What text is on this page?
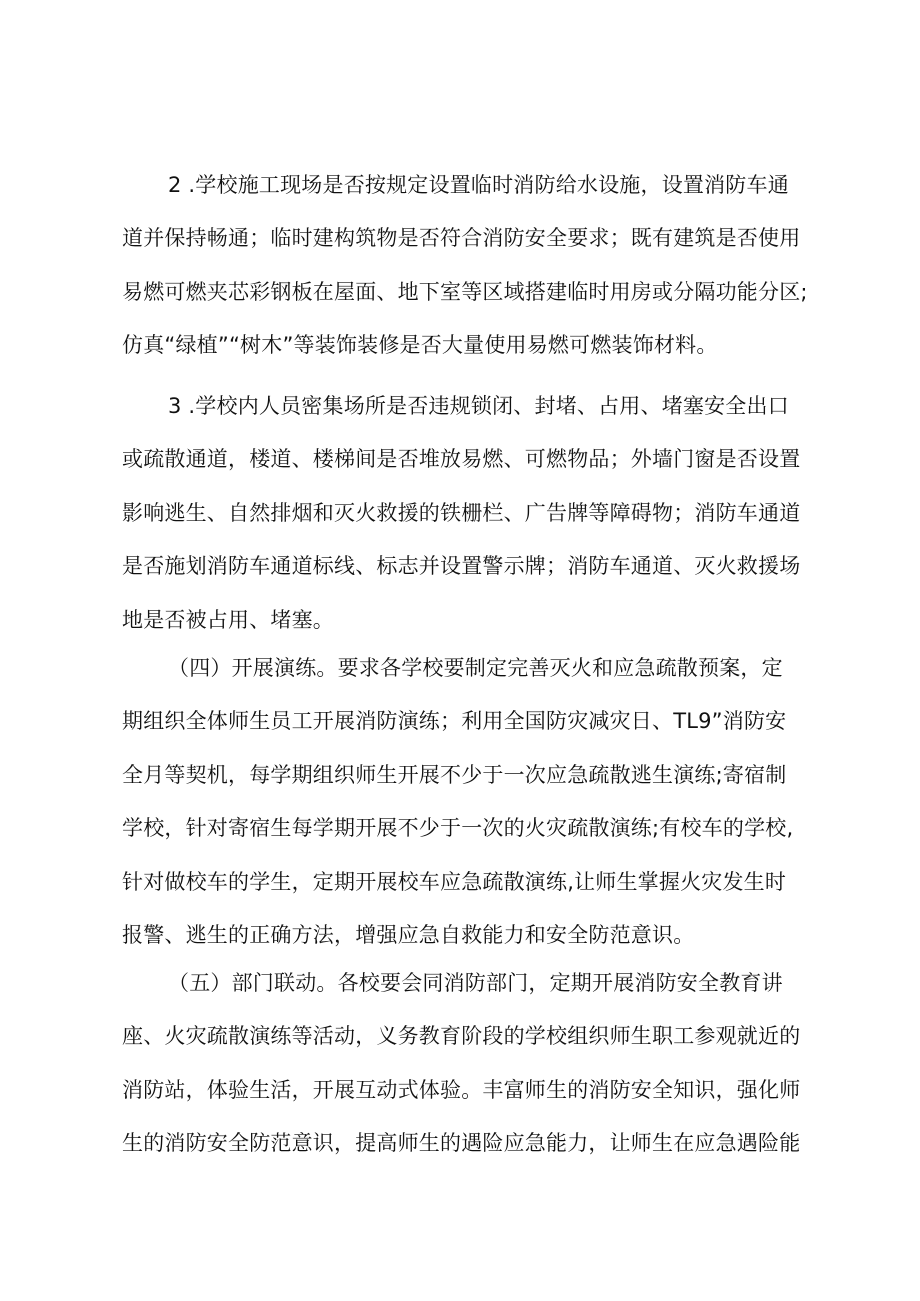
2 .学校施工现场是否按规定设置临时消防给水设施，设置消防车通
道并保持畅通；临时建构筑物是否符合消防安全要求；既有建筑是否使用
易燃可燃夹芯彩钢板在屋面、地下室等区域搭建临时用房或分隔功能分区;
仿真“绿植”“树木”等装饰装修是否大量使用易燃可燃装饰材料。

3 .学校内人员密集场所是否违规锁闭、封堵、占用、堵塞安全出口
或疏散通道，楼道、楼梯间是否堆放易燃、可燃物品；外墙门窗是否设置
影响逃生、自然排烟和灭火救援的铁栅栏、广告牌等障碍物；消防车通道
是否施划消防车通道标线、标志并设置警示牌；消防车通道、灭火救援场
地是否被占用、堵塞。

（四）开展演练。要求各学校要制定完善灭火和应急疏散预案，定
期组织全体师生员工开展消防演练；利用全国防灾减灾日、TL9”消防安
全月等契机，每学期组织师生开展不少于一次应急疏散逃生演练;寄宿制
学校，针对寄宿生每学期开展不少于一次的火灾疏散演练;有校车的学校,
针对做校车的学生，定期开展校车应急疏散演练,让师生掌握火灾发生时
报警、逃生的正确方法，增强应急自救能力和安全防范意识。

（五）部门联动。各校要会同消防部门，定期开展消防安全教育讲
座、火灾疏散演练等活动，义务教育阶段的学校组织师生职工参观就近的
消防站，体验生活，开展互动式体验。丰富师生的消防安全知识，强化师
生的消防安全防范意识，提高师生的遇险应急能力，让师生在应急遇险能
